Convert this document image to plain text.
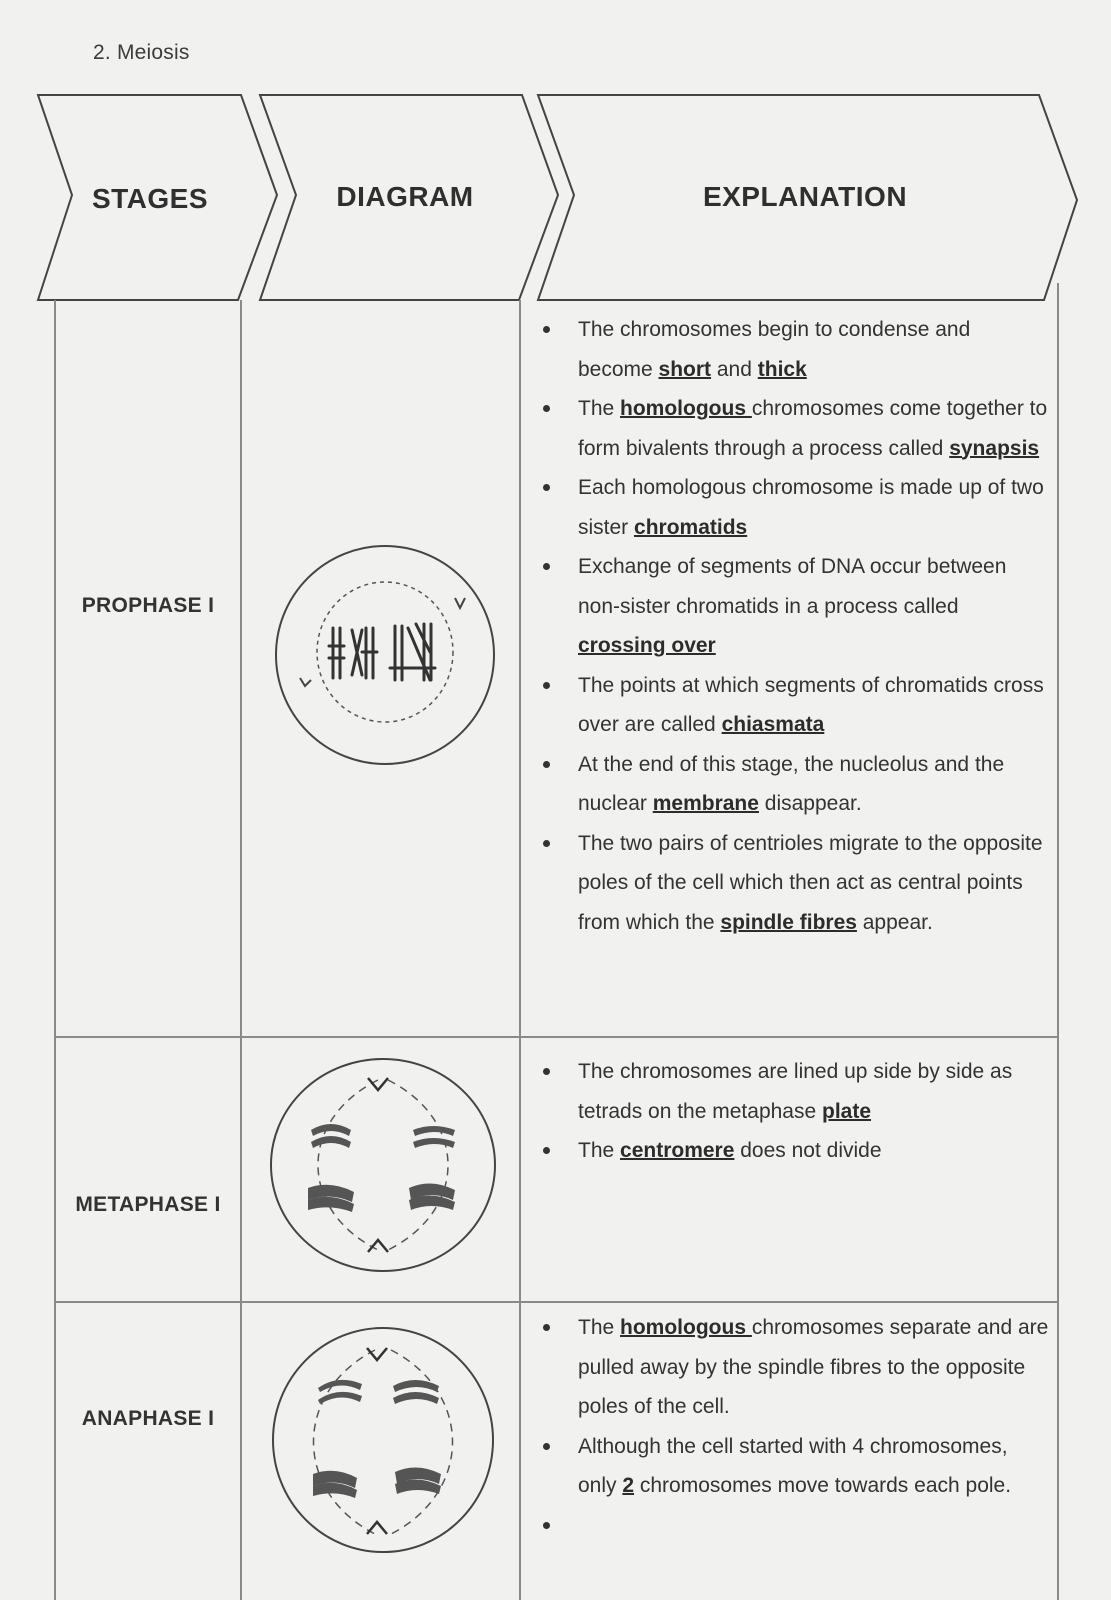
2. Meiosis
STAGES	DIAGRAM	EXPLANATION
PROPHASE I
The chromosomes begin to condense and become short and thick
The homologous chromosomes come together to form bivalents through a process called synapsis
Each homologous chromosome is made up of two sister chromatids
Exchange of segments of DNA occur between non-sister chromatids in a process called crossing over
The points at which segments of chromatids cross over are called chiasmata
At the end of this stage, the nucleolus and the nuclear membrane disappear.
The two pairs of centrioles migrate to the opposite poles of the cell which then act as central points from which the spindle fibres appear.
METAPHASE I
The chromosomes are lined up side by side as tetrads on the metaphase plate
The centromere does not divide
ANAPHASE I
The homologous chromosomes separate and are pulled away by the spindle fibres to the opposite poles of the cell.
Although the cell started with 4 chromosomes, only 2 chromosomes move towards each pole.
